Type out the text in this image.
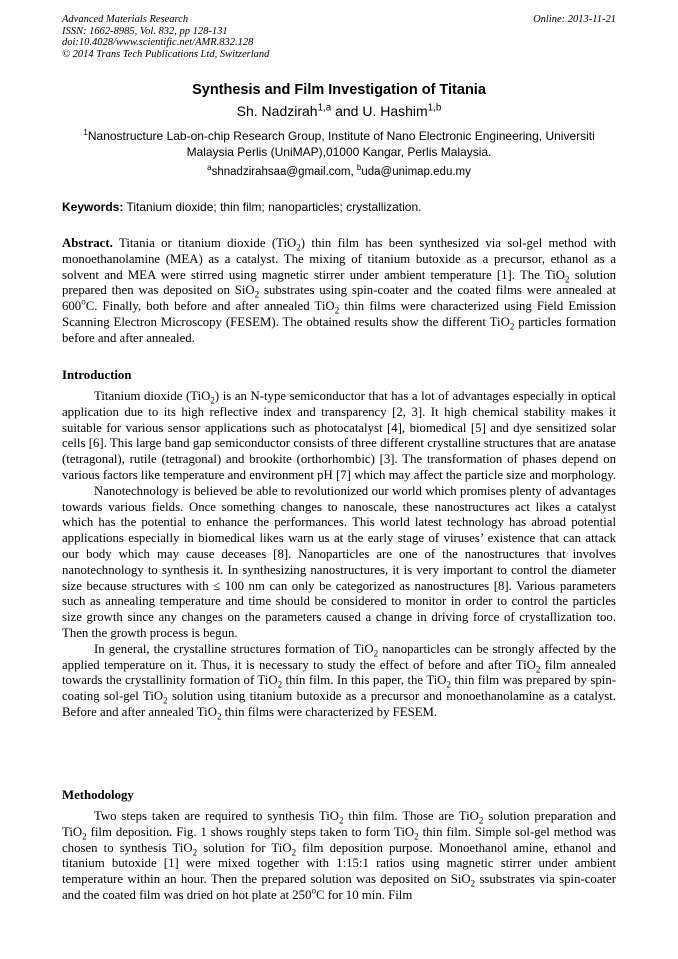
Advanced Materials Research
ISSN: 1662-8985, Vol. 832, pp 128-131
doi:10.4028/www.scientific.net/AMR.832.128
© 2014 Trans Tech Publications Ltd, Switzerland
Online: 2013-11-21
Synthesis and Film Investigation of Titania
Sh. Nadzirah$^{1,a}$ and U. Hashim$^{1,b}$
$^1$Nanostructure Lab-on-chip Research Group, Institute of Nano Electronic Engineering, Universiti Malaysia Perlis (UniMAP),01000 Kangar, Perlis Malaysia.
$^a$shnadzirahsaa@gmail.com, $^b$uda@unimap.edu.my
Keywords: Titanium dioxide; thin film; nanoparticles; crystallization.

Abstract. Titania or titanium dioxide (TiO$_2$) thin film has been synthesized via sol-gel method with monoethanolamine (MEA) as a catalyst. The mixing of titanium butoxide as a precursor, ethanol as a solvent and MEA were stirred using magnetic stirrer under ambient temperature [1]. The TiO$_2$ solution prepared then was deposited on SiO$_2$ substrates using spin-coater and the coated films were annealed at 600$^o$C. Finally, both before and after annealed TiO$_2$ thin films were characterized using Field Emission Scanning Electron Microscopy (FESEM). The obtained results show the different TiO$_2$ particles formation before and after annealed.

Introduction

Titanium dioxide (TiO$_2$) is an N-type semiconductor that has a lot of advantages especially in optical application due to its high reflective index and transparency [2, 3]. It high chemical stability makes it suitable for various sensor applications such as photocatalyst [4], biomedical [5] and dye sensitized solar cells [6]. This large band gap semiconductor consists of three different crystalline structures that are anatase (tetragonal), rutile (tetragonal) and brookite (orthorhombic) [3]. The transformation of phases depend on various factors like temperature and environment pH [7] which may affect the particle size and morphology.

Nanotechnology is believed be able to revolutionized our world which promises plenty of advantages towards various fields. Once something changes to nanoscale, these nanostructures act likes a catalyst which has the potential to enhance the performances. This world latest technology has abroad potential applications especially in biomedical likes warn us at the early stage of viruses’ existence that can attack our body which may cause deceases [8]. Nanoparticles are one of the nanostructures that involves nanotechnology to synthesis it. In synthesizing nanostructures, it is very important to control the diameter size because structures with ≤ 100 nm can only be categorized as nanostructures [8]. Various parameters such as annealing temperature and time should be considered to monitor in order to control the particles size growth since any changes on the parameters caused a change in driving force of crystallization too. Then the growth process is begun.

In general, the crystalline structures formation of TiO$_2$ nanoparticles can be strongly affected by the applied temperature on it. Thus, it is necessary to study the effect of before and after TiO$_2$ film annealed towards the crystallinity formation of TiO$_2$ thin film. In this paper, the TiO$_2$ thin film was prepared by spin-coating sol-gel TiO$_2$ solution using titanium butoxide as a precursor and monoethanolamine as a catalyst. Before and after annealed TiO$_2$ thin films were characterized by FESEM.

Methodology

Two steps taken are required to synthesis TiO$_2$ thin film. Those are TiO$_2$ solution preparation and TiO$_2$ film deposition. Fig. 1 shows roughly steps taken to form TiO$_2$ thin film. Simple sol-gel method was chosen to synthesis TiO$_2$ solution for TiO$_2$ film deposition purpose. Monoethanol amine, ethanol and titanium butoxide [1] were mixed together with 1:15:1 ratios using magnetic stirrer under ambient temperature within an hour. Then the prepared solution was deposited on SiO$_2$ ssubstrates via spin-coater and the coated film was dried on hot plate at 250$^o$C for 10 min. Film
